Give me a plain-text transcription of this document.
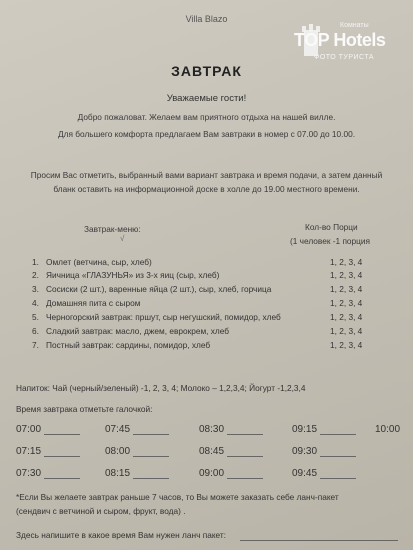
Villa Blazo
Комнаты
TOP Hotels
ФОТО ТУРИСТА
ЗАВТРАК
Уважаемые гости!
Добро пожаловат. Желаем вам приятного отдыха на нашей вилле.
Для большего комфорта предлагаем Вам завтраки в номер с 07.00 до 10.00.
Просим Вас отметить, выбранный вами вариант завтрака и время подачи, а затем данный
бланк оставить на информационной доске в холле до 19.00 местного времени.
Завтрак-меню:
√
Кол-во Порци
(1 человек -1 порция
1. Омлет (ветчина, сыр, хлеб)	1, 2, 3, 4
2. Яичница «ГЛАЗУНЬЯ» из 3-х яиц (сыр, хлеб)	1, 2, 3, 4
3. Сосиски (2 шт.), варенные яйца (2 шт.), сыр, хлеб, горчица	1, 2, 3, 4
4. Домашняя пита с сыром	1, 2, 3, 4
5. Черногорский завтрак: пршут, сыр негушский, помидор, хлеб	1, 2, 3, 4
6. Сладкий завтрак: масло, джем, еврокрем, хлеб	1, 2, 3, 4
7. Постный завтрак: сардины, помидор, хлеб	1, 2, 3, 4
Напиток: Чай (черный/зеленый) -1, 2, 3, 4; Молоко – 1,2,3,4; Йогурт -1,2,3,4
Время завтрака отметьте галочкой:
07:00	07:45	08:30	09:15	10:00
07:15	08:00	08:45	09:30
07:30	08:15	09:00	09:45
*Если Вы желаете завтрак раньше 7 часов, то Вы можете заказать себе ланч-пакет
(сендвич с ветчиной и сыром, фрукт, вода) .
Здесь напишите в какое время Вам нужен ланч пакет:
